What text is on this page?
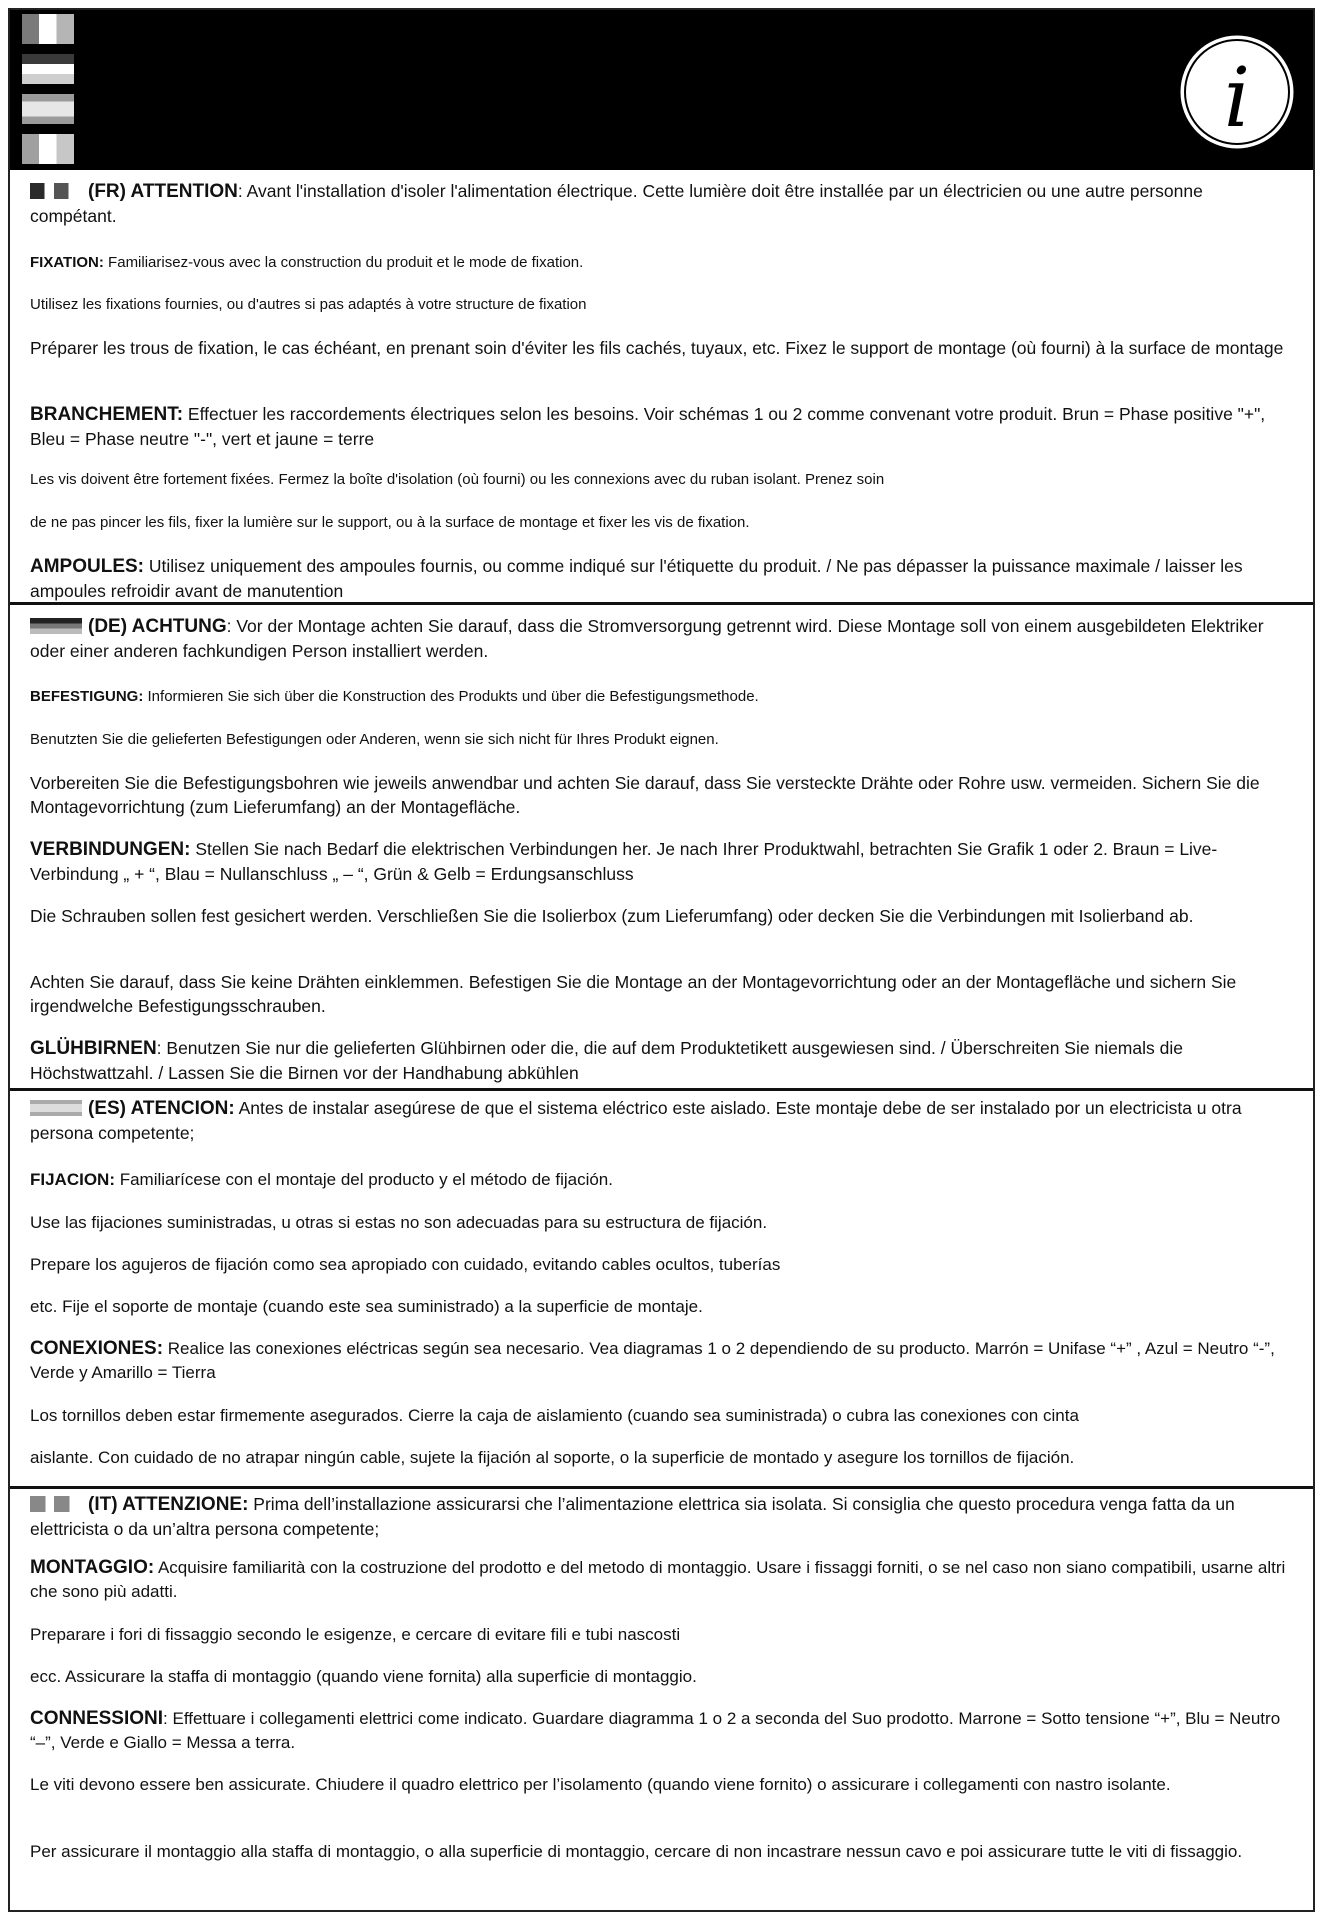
i

(FR) ATTENTION: Avant l'installation d'isoler l'alimentation électrique. Cette lumière doit être installée par un électricien ou une autre personne compétant.

FIXATION: Familiarisez-vous avec la construction du produit et le mode de fixation.

Utilisez les fixations fournies, ou d'autres si pas adaptés à votre structure de fixation

Préparer les trous de fixation, le cas échéant, en prenant soin d'éviter les fils cachés, tuyaux, etc. Fixez le support de montage (où fourni) à la surface de montage

BRANCHEMENT: Effectuer les raccordements électriques selon les besoins. Voir schémas 1 ou 2 comme convenant votre produit. Brun = Phase positive "+", Bleu = Phase neutre "-", vert et jaune = terre

Les vis doivent être fortement fixées. Fermez la boîte d'isolation (où fourni) ou les connexions avec du ruban isolant. Prenez soin

de ne pas pincer les fils, fixer la lumière sur le support, ou à la surface de montage et fixer les vis de fixation.

AMPOULES: Utilisez uniquement des ampoules fournis, ou comme indiqué sur l'étiquette du produit. / Ne pas dépasser la puissance maximale / laisser les ampoules refroidir avant de manutention

(DE) ACHTUNG: Vor der Montage achten Sie darauf, dass die Stromversorgung getrennt wird. Diese Montage soll von einem ausgebildeten Elektriker oder einer anderen fachkundigen Person installiert werden.

BEFESTIGUNG: Informieren Sie sich über die Konstruction des Produkts und über die Befestigungsmethode.

Benutzten Sie die gelieferten Befestigungen oder Anderen, wenn sie sich nicht für Ihres Produkt eignen.

Vorbereiten Sie die Befestigungsbohren wie jeweils anwendbar und achten Sie darauf, dass Sie versteckte Drähte oder Rohre usw. vermeiden. Sichern Sie die Montagevorrichtung (zum Lieferumfang) an der Montagefläche.

VERBINDUNGEN: Stellen Sie nach Bedarf die elektrischen Verbindungen her. Je nach Ihrer Produktwahl, betrachten Sie Grafik 1 oder 2. Braun = Live-Verbindung „ + “, Blau = Nullanschluss „ – “, Grün & Gelb = Erdungsanschluss

Die Schrauben sollen fest gesichert werden. Verschließen Sie die Isolierbox (zum Lieferumfang) oder decken Sie die Verbindungen mit Isolierband ab.

Achten Sie darauf, dass Sie keine Drähten einklemmen. Befestigen Sie die Montage an der Montagevorrichtung oder an der Montagefläche und sichern Sie irgendwelche Befestigungsschrauben.

GLÜHBIRNEN: Benutzen Sie nur die gelieferten Glühbirnen oder die, die auf dem Produktetikett ausgewiesen sind. / Überschreiten Sie niemals die Höchstwattzahl. / Lassen Sie die Birnen vor der Handhabung abkühlen

(ES) ATENCION: Antes de instalar asegúrese de que el sistema eléctrico este aislado. Este montaje debe de ser instalado por un electricista u otra persona competente;

FIJACION: Familiarícese con el montaje del producto y el método de fijación.

Use las fijaciones suministradas, u otras si estas no son adecuadas para su estructura de fijación.

Prepare los agujeros de fijación como sea apropiado con cuidado, evitando cables ocultos, tuberías

etc. Fije el soporte de montaje (cuando este sea suministrado) a la superficie de montaje.

CONEXIONES: Realice las conexiones eléctricas según sea necesario. Vea diagramas 1 o 2 dependiendo de su producto. Marrón = Unifase “+” , Azul = Neutro “-”, Verde y Amarillo = Tierra

Los tornillos deben estar firmemente asegurados. Cierre la caja de aislamiento (cuando sea suministrada) o cubra las conexiones con cinta

aislante. Con cuidado de no atrapar ningún cable, sujete la fijación al soporte, o la superficie de montado y asegure los tornillos de fijación.

(IT) ATTENZIONE: Prima dell’installazione assicurarsi che l’alimentazione elettrica sia isolata. Si consiglia che questo procedura venga fatta da un elettricista o da un’altra persona competente;

MONTAGGIO: Acquisire familiarità con la costruzione del prodotto e del metodo di montaggio. Usare i fissaggi forniti, o se nel caso non siano compatibili, usarne altri che sono più adatti.

Preparare i fori di fissaggio secondo le esigenze, e cercare di evitare fili e tubi nascosti

ecc. Assicurare la staffa di montaggio (quando viene fornita) alla superficie di montaggio.

CONNESSIONI: Effettuare i collegamenti elettrici come indicato. Guardare diagramma 1 o 2 a seconda del Suo prodotto. Marrone = Sotto tensione “+”, Blu = Neutro “–”, Verde e Giallo = Messa a terra.

Le viti devono essere ben assicurate. Chiudere il quadro elettrico per l’isolamento (quando viene fornito) o assicurare i collegamenti con nastro isolante.

Per assicurare il montaggio alla staffa di montaggio, o alla superficie di montaggio, cercare di non incastrare nessun cavo e poi assicurare tutte le viti di fissaggio.
